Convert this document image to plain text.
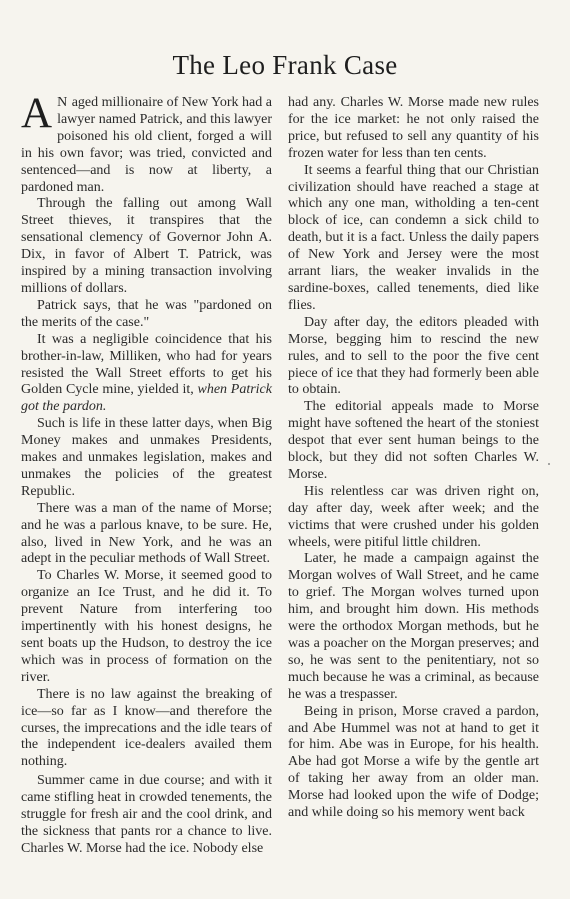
The Leo Frank Case

A N aged millionaire of New York had a lawyer named Patrick, and this lawyer poisoned his old client, forged a will in his own favor; was tried, convicted and sentenced—and is now at liberty, a pardoned man.

Through the falling out among Wall Street thieves, it transpires that the sensational clemency of Governor John A. Dix, in favor of Albert T. Patrick, was inspired by a mining transaction involving millions of dollars.

Patrick says, that he was "pardoned on the merits of the case."

It was a negligible coincidence that his brother-in-law, Milliken, who had for years resisted the Wall Street efforts to get his Golden Cycle mine, yielded it, when Patrick got the pardon.

Such is life in these latter days, when Big Money makes and unmakes Presidents, makes and unmakes legislation, makes and unmakes the policies of the greatest Republic.

There was a man of the name of Morse; and he was a parlous knave, to be sure. He, also, lived in New York, and he was an adept in the peculiar methods of Wall Street.

To Charles W. Morse, it seemed good to organize an Ice Trust, and he did it. To prevent Nature from interfering too impertinently with his honest designs, he sent boats up the Hudson, to destroy the ice which was in process of formation on the river.

There is no law against the breaking of ice—so far as I know—and therefore the curses, the imprecations and the idle tears of the independent ice-dealers availed them nothing.

Summer came in due course; and with it came stifling heat in crowded tenements, the struggle for fresh air and the cool drink, and the sickness that pants ror a chance to live. Charles W. Morse had the ice. Nobody else

had any. Charles W. Morse made new rules for the ice market: he not only raised the price, but refused to sell any quantity of his frozen water for less than ten cents.

It seems a fearful thing that our Christian civilization should have reached a stage at which any one man, witholding a ten-cent block of ice, can condemn a sick child to death, but it is a fact. Unless the daily papers of New York and Jersey were the most arrant liars, the weaker invalids in the sardine-boxes, called tenements, died like flies.

Day after day, the editors pleaded with Morse, begging him to rescind the new rules, and to sell to the poor the five cent piece of ice that they had formerly been able to obtain.

The editorial appeals made to Morse might have softened the heart of the stoniest despot that ever sent human beings to the block, but they did not soften Charles W. Morse.

His relentless car was driven right on, day after day, week after week; and the victims that were crushed under his golden wheels, were pitiful little children.

Later, he made a campaign against the Morgan wolves of Wall Street, and he came to grief. The Morgan wolves turned upon him, and brought him down. His methods were the orthodox Morgan methods, but he was a poacher on the Morgan preserves; and so, he was sent to the penitentiary, not so much because he was a criminal, as because he was a trespasser.

Being in prison, Morse craved a pardon, and Abe Hummel was not at hand to get it for him. Abe was in Europe, for his health. Abe had got Morse a wife by the gentle art of taking her away from an older man. Morse had looked upon the wife of Dodge; and while doing so his memory went back
